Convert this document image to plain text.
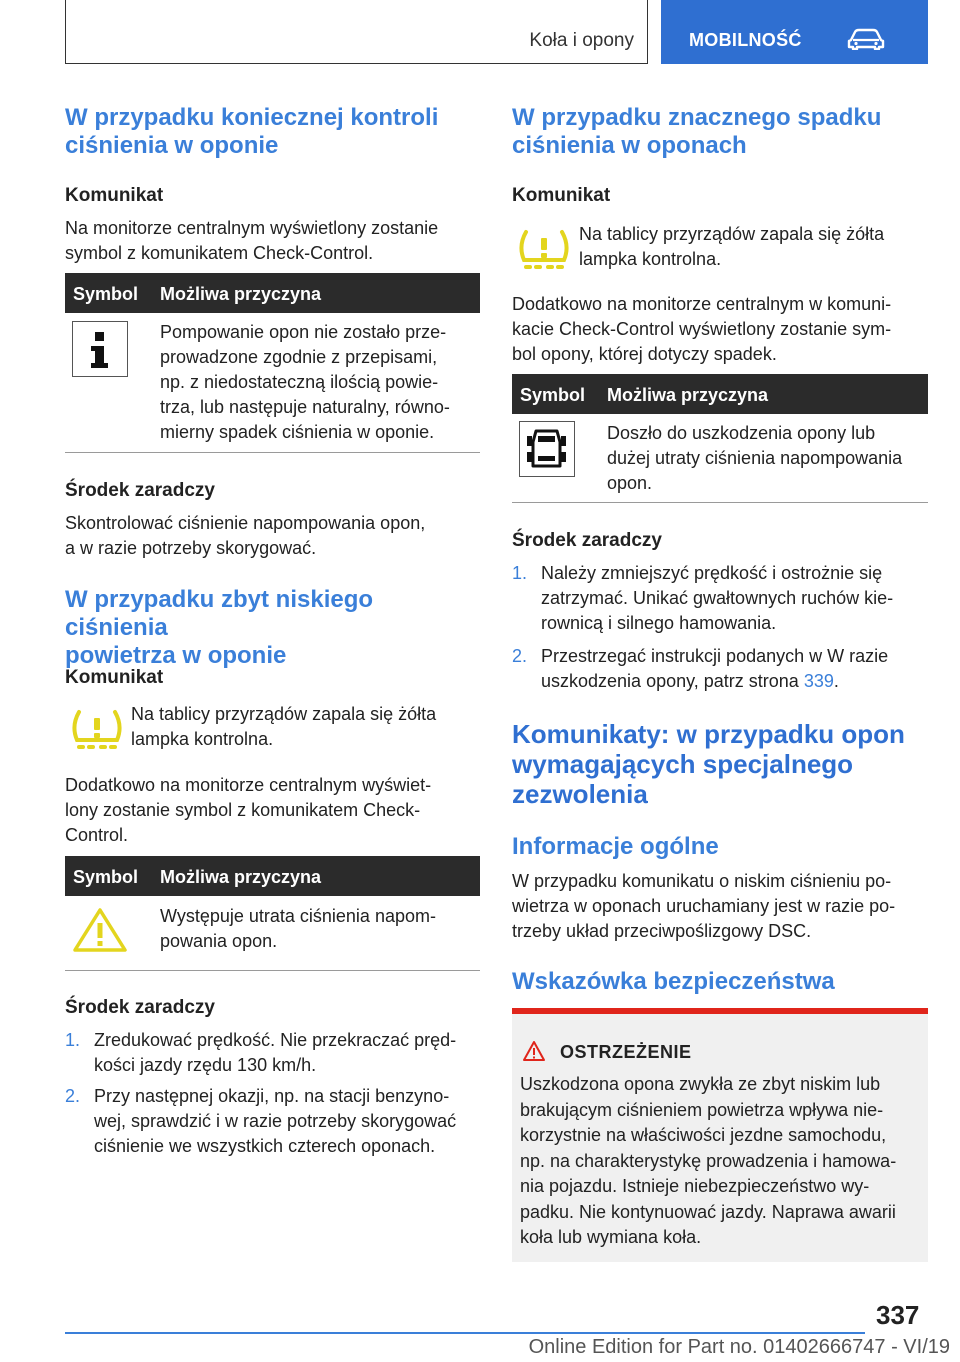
Koła i opony	MOBILNOŚĆ
W przypadku koniecznej kontroli
ciśnienia w oponie
Komunikat
Na monitorze centralnym wyświetlony zostanie
symbol z komunikatem Check-Control.
Symbol Możliwa przyczyna
Pompowanie opon nie zostało prze-
prowadzone zgodnie z przepisami,
np. z niedostateczną ilością powie-
trza, lub następuje naturalny, równo-
mierny spadek ciśnienia w oponie.
Środek zaradczy
Skontrolować ciśnienie napompowania opon,
a w razie potrzeby skorygować.
W przypadku zbyt niskiego ciśnienia
powietrza w oponie
Komunikat
Na tablicy przyrządów zapala się żółta
lampka kontrolna.
Dodatkowo na monitorze centralnym wyświet-
lony zostanie symbol z komunikatem Check-
Control.
Symbol Możliwa przyczyna
Występuje utrata ciśnienia napom-
powania opon.
Środek zaradczy
1. Zredukować prędkość. Nie przekraczać pręd-
kości jazdy rzędu 130 km/h.
2. Przy następnej okazji, np. na stacji benzyno-
wej, sprawdzić i w razie potrzeby skorygować
ciśnienie we wszystkich czterech oponach.
W przypadku znacznego spadku
ciśnienia w oponach
Komunikat
Na tablicy przyrządów zapala się żółta
lampka kontrolna.
Dodatkowo na monitorze centralnym w komuni-
kacie Check-Control wyświetlony zostanie sym-
bol opony, której dotyczy spadek.
Symbol Możliwa przyczyna
Doszło do uszkodzenia opony lub
dużej utraty ciśnienia napompowania
opon.
Środek zaradczy
1. Należy zmniejszyć prędkość i ostrożnie się
zatrzymać. Unikać gwałtownych ruchów kie-
rownicą i silnego hamowania.
2. Przestrzegać instrukcji podanych w W razie
uszkodzenia opony, patrz strona 339.
Komunikaty: w przypadku opon
wymagających specjalnego
zezwolenia
Informacje ogólne
W przypadku komunikatu o niskim ciśnieniu po-
wietrza w oponach uruchamiany jest w razie po-
trzeby układ przeciwpoślizgowy DSC.
Wskazówka bezpieczeństwa
OSTRZEŻENIE
Uszkodzona opona zwykła ze zbyt niskim lub
brakującym ciśnieniem powietrza wpływa nie-
korzystnie na właściwości jezdne samochodu,
np. na charakterystykę prowadzenia i hamowa-
nia pojazdu. Istnieje niebezpieczeństwo wy-
padku. Nie kontynuować jazdy. Naprawa awarii
koła lub wymiana koła.
337
Online Edition for Part no. 01402666747 - VI/19
